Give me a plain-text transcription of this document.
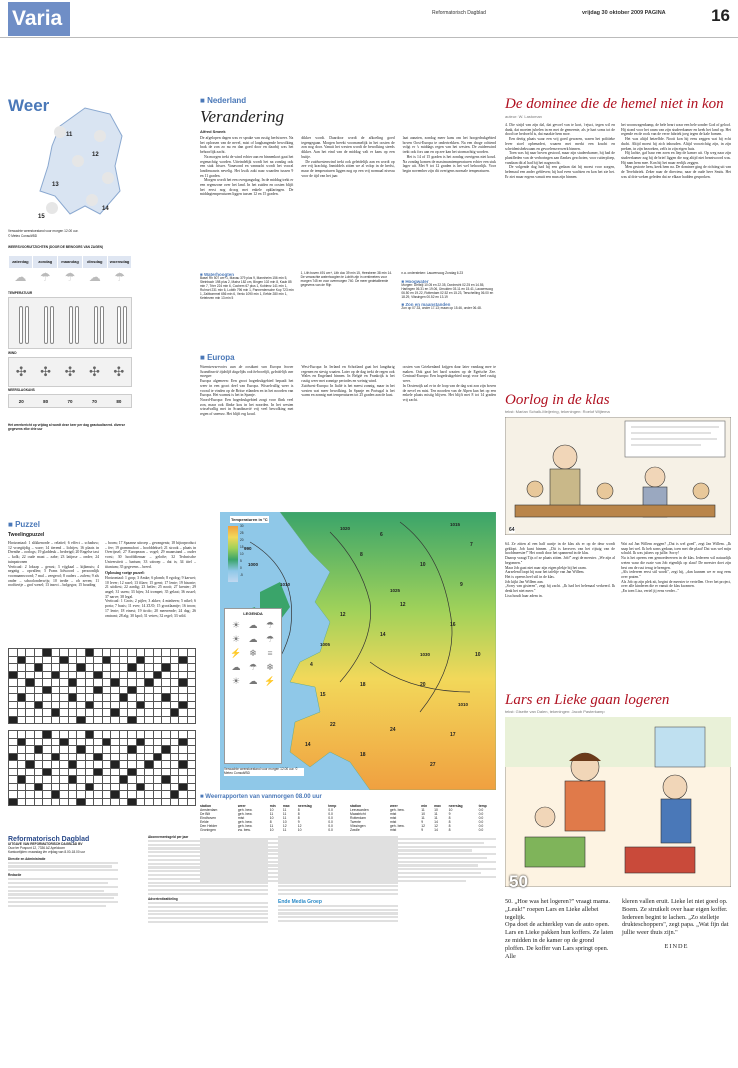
Varia	Reformatorisch Dagblad	vrijdag 30 oktober 2009 PAGINA	16
Weer
11
12
13
14
15
Verwachte weerstoestand voor morgen 12.00 uur.
© Meteo Consult/BD
WEERSVOORUITZICHTEN (DOOR DE BEWOORS VAN ZAGEN)
zaterdag	zondag	maandag	dinsdag	woensdag
☁	☂	☂	☁	☂
TEMPERATUUR
WIND
✣	✣	✣	✣	✣
NEERSLAGKANS
20	80	70	70	80
Het weerbericht op vrijdag al wordt deze keer per dag geactualiseerd. diverse gegevens elke drie uur
■ Nederland
Verandering
Alfred Smeek

De afgelopen dagen was er sprake van rustig herfstweer. Na het oplossen van de nevel, mist of laaghangende bewolking brak de zon zo nu en dan goed door en daarbij was het behoorlijk zacht.

Na morgen trekt de wind echter aan en binnenkort gaat het regenachtig worden. Uiteindelijk wordt het na zondag ook een stuk frisser. Vanavond en vannacht wordt het vooral landinwaarts nevelig. Het kwik zakt naar waarden tussen 9 en 11 graden.

Morgen wordt het een overgangsdag. In de middag trekt er een regenzone over het land. In het zuiden en oosten blijft het eerst nog droog met enkele opklaringen. De middagtemperaturen liggen tussen 12 en 15 graden.

dikker wordt. Daardoor wordt de afkoeling goed tegengegaan. Morgen breekt voornamelijk in het oosten de zon nog door. Vanuit het westen wordt de bewolking steeds dikker. Aan het eind van de middag valt er kans op een buitje.

De zuidwestenwind trekt ook geleidelijk aan en wordt op zee vrij krachtig. Inmiddels zitten we al volop in de herfst, maar de temperaturen liggen nog op een vrij normaal niveau voor de tijd van het jaar.

laat aanzien, zondag meer kans om het hoogedrukgebied boven Oost-Europa te ondertrekken. Na een droge ochtend volgt er 's middags regen van het westen. De zuidenwind trekt ook fors aan en op zee kan het stormachtig worden.

Het is 14 of 15 graden is het zondag overigens niet koud. Na zondag komen de maximumtemperaturen echter een stuk lager uit. Met 9 tot 12 graden is het wel behoorlijk. Voor begin november zijn dit overigens normale temperaturen.

■ Waterhoogten

Basel Rh 507 cm+1, Maxau 379 plus 9, Mannheim 156 min 5, Steinbach 198 plus 2, Mainz 182 cm, Bingen 102 min 8, Kaub 85 min 7, Trier 224 min 6, Cochem 67 plus 1, Koblenz 141 min 1, Ruhrort 231 min 6, Lobith 796 min 1, Pannerdensche Kop 723 min 1, Zaltbommel 656 min 6, Venlo 1090 min 1, Eefde 280 min 1, Keteleven min 13 min 5

1, Lith boven 491 cm+, Lith doc 39 min 15, Heesbeen 38 min 14. De verwachte waterhoogten te Lobith zijn in centimeters voor morgen 745 en voor overmorgen 740. De meer gedetailleerde gegevens van de Rijn

n.a. ondersteken: Lauwersoog Zondag 6.23

■ Hoogwater

Morgen: Delfzijl 10.05 en 22.35, Dordrecht 02.25 en 14.55, Harlingen 06.31 en 19.06, IJmuiden 03.11 en 15.41, Lauwersoog 06.50 en 19.22, Rotterdam 02.52 en 15.23, Terschelling 06.00 en 18.29, Vlissingen 00.52 en 13.19

■ Zon en maanstanden

Zon op 07.33, onder 17.13; maan op 15.46, onder 06.48.

■ Europa

Warmtereservoirs aan de oostkant van Europa boven Scandinavië tijdelijk dagelijks ook behoorlijk, geleidelijk van morgen

Europa algemeen: Een groot hogedrukgebied bepaalt het weer in een groot deel van Europa. Wisselvallig weer is vooral te vinden op de Britse eilanden en in het noorden van Europa. Het warmst is het in Spanje.

Noord-Europa: Een hogedrukgebied zorgt voor flink veel zon, maar ook flinke kou in het noorden. In het westen wisselvallig met in Scandinavië vrij veel bewolking met regen of sneeuw. Het blijft erg koud.

West-Europa: In Ierland en Schotland gaat het langdurig regenen en stevig waaien. Later op de dag trekt de regen ook Wales en Engeland binnen. In België en Frankrijk is het rustig weer met zonnige periodes en weinig wind.

Zuidwest-Europa: In Italië is het meest zonnig, maar in het westen wat meer bewolking. In Spanje en Portugal is het warm en zonnig met temperaturen tot 25 graden aan de kust.

oosten van Griekenland krijgen daar later vandaag mee te maken. Ook gaat het hard waaien op de Egeïsche Zee. Centraal-Europa: Een hogedrukgebied zorgt voor heel rustig weer.

In Oostenrijk zal er in de loop van de dag wat zon zijn boven de nevel en mist. Ten noorden van de Alpen kan het op een enkele plaats mistig blijven. Het blijft met 8 tot 14 graden vrij zacht.

Temperaturen in °C
30
25
20
15
10
5
0
-5
1020
1015
1010
1025
1000
990
1005
1030
1010
LEGENDA
☀ ☁ ☂
☀ ☁ ☂
⚡ ❄	≡
☁ ☂	❄
☀ ☁ ⚡
Verwachte weerstoestand voor morgen 12.00 uur. © Meteo Consult/BD
4
8
10
12
14
16
18	20
22
24
27
12
15
18
7
6
9
10
14
17
■ Weerrapporten van vanmorgen 08.00 uur
station	weer	min	max	neerslag	temp
Amsterdam	geh. bew.	10	11	8	0.0
De Bilt	geh. bew.	11	11	8	0.0
Eindhoven	mist	10	11	8	0.0
Eelde	geh. bew.	8	10	9	0.0
Den Helder	geh. bew.	11	12	12	0.0
Groningen	zw. bew.	10	11	10	0.0
station	weer	min	max	neerslag	temp
Leeuwarden	geh. bew.	11	10	10	0.0
Maastricht	mist	10	11	9	0.0
Rotterdam	mist	11	11	8	0.0
Twente	mist	9	14	8	0.0
Vlissingen	geh. bew.	12	12	8	0.0
Zwolle	mist	9	14	8	0.0
■ Puzzel
Tweelingpuzzel

Horizontaal: 1 slikkenorde – relatief; 6 effect – schaduw; 12 vroegtijdig – ware; 14 tierend – lichtjes; 16 plaats in Drenthe – oorlogs; 19 gladdeuk – bedreigd; 20 Engelse taxi – kolk; 22 oude maat – zabe; 23 latijnse – onder; 24 tuinpatronen

Verticaal: 2 loksap – gerust; 3 vijgkaal – kijkmuts; 4 negatig – opvallen; 5 Frans lidwoord – persoonlijk voornaamwoord; 7 mal – zeegerol; 8 ouders – zalvm; 9 als onder – schoolonderwijs; 10 tredte – oh zeven; 11 rooftiertje – grof wezel; 13 insect – bolgegos; 15 bouding

– boom; 17 Spaanse uitroep – gevangenis; 18 bijtorproduct – fee; 19 grammafoot – hoofddeksel; 21 strook – plaats in Overijssel; 27 Europeaan – vogel; 29 maanstand – ouder vorst; 30 hoofddienaar – gelofte; 32 Technische Universiteit – barium; 33 uitroep – dat is; 34 titel – titanium; 35 gegevens – breed.

Oplossing vorige puzzel:

Horizontaal: 1 grop; 3 Amke; 6 plomb; 8 egolog; 9 karwei; 10 lever; 12 rasel; 13 filaer; 15 grent; 17 lente; 19 bisonte; 21 uitdiest; 22 aardig; 23 heiler; 25 nooit; 27 kreater; 29 angel; 31 usem; 33 bijes; 34 trompet; 35 gelaat; 36 russel; 37 narve; 38 legal.

Verticaal: 1 Grots; 2 pijler; 3 akker; 4 minheen; 5 nikel; 6 porta; 7 basis; 11 ever; 14 ZUO; 15 grootlaantje; 16 troon; 17 lente; 18 einest; 19 tirolo; 20 meerrende; 24 dag; 26 omtrant; 28 alg; 30 kpol; 31 vetres; 32 regel; 33 wild.

Reformatorisch Dagblad
UITGAVE VAN REFORMATORISCH DAGBLAD BV
Ouw ter Pospunt 12, 7336 AZ Apeldoorn
Kantoortijden: maandag t/m vrijdag van 8.00-18.00 uur
Directie en Administratie
Redactie
Abonnementsgeld per jaar
Advertentieafdeling	Ende Media Groep
De dominee die de hemel niet in kon
auteur: W. Lastoman

4. Die strijd van zijn dal, dat gevoel van te kort, 'rejuct, tegen wil en dank, dat moeten jubelen in en met de gemeente, als je hart soms tot de dood toe bedroefd is, dat maakte hem moe.

Een dertig plaats waar een vrij goed gewaren, waren het politieke lever stoel opbenadert, waaren met merkt een kracht en scheidenisbekwaam en gevoelensverwerk binnen.

Toen was hij naar boven gestood, maar zijn studeerkamer, hij had de plantfleden van de verhoringen aan flankes geschoten, voor ruiterploep, vandaan dit al had hij het nagezocht.

De volgende dag had hij een gedaan dat hij moest voor zorgen, helemaal een ander gebleven; hij had even wachten en kon het zie het. Er ziet maar ergens vanuit een man zijn binnen.

het woonwagenkamp, de bele heart waar een hele sonder God of geloof. Hij stond voor het raam van zijn studeerkamer en keek het land op. Het regende en de rook van de verre fabriek joeg tegen de kale bomen.

Het was altijd hetzelfde. Nooit kon hij eens zeggen wat hij echt dacht. Altijd moest hij zich inhouden. Altijd voorzichtig zijn, in zijn preken, in zijn bezoeken, zelfs in zijn eigen huis.

Hij lachte, gaf haar een zoen en liep de kamer uit. Op weg naar zijn studeerkamer zag hij de brief liggen die nog altijd niet beantwoord was. Hij nam hem mee. Kon hij het maar eerlijk zeggen.

Men gestorte hem, keek hem na. De dominee ging de richting uit van de Terefabriek. Zeker naar de directeur, naar de oude heer Smits. Het was al drie weken geleden dat ze elkaar hadden gesproken.

Oorlog in de klas
tekst: Marian Schalk-Meijering, tekeningen: Roelof Wijtema
64

64. Ze zitten al een half uurtje in de klas als er op de deur wordt geklopt. Job kunt binnen. „Dit is kersvers van het rijtuig van de hoofdmeester!" Het rondt door het spannend in de klas.

Daarop vraagt Tijs of ze plaats zitten. Job!" zegt de meester. „We zijn al begonnen."

Maar Job gaat niet naar zijn eigen plekje bij het raam.

Aarzelend loopt hij naar het tafeltje van Jan Willem.

Het is opeens heel stil in de klas.

Job kijkt Jan Willem aan.

„Sorry van gisteren", zegt hij zacht. „Ik had het helemaal verkeerd. Ik denk het niet meer."

Lisa houdt haar adem in.

Wat zal Jan Willem zeggen? „Dat is wel goed", zegt Jan Willem. „Ik snap het wel. Ik heb soms gedaan, toen met die plaat! Dat was wel mijn schuld. Ik was jaloers op jullie. Sorry!

Nu is het opeens een gemoedereeren in de klas. Iedereen wil natuurlijk weten waar die ruzie van Job eigenlijk op slaat! De meester doet zijn best om de rust terug te brengen.

„Als iedereen eerst stil wordt", zegt hij, „dan kunnen we er nog eens over praten."

Als Job op zijn plek zit, begint de meester te vertellen. Over het project, over alle kinderen die er vanuit de klas kwamen.

„En toen Lisa, vertel jij eens verder..."

Lars en Lieke gaan logeren
tekst: Gisette van Dalen, tekeningen: Jacob Pasterkamp
50

50. „Hoe was het logeren?" vraagt mama.

„Leuk!" roepen Lars en Lieke allebei tegelijk.

Opa doet de achterklep van de auto open. Lars en Lieke pakken hun koffers. Ze laten ze midden in de kamer op de grond ploffen. De koffer van Lars springt open. Alle

kleren vallen eruit. Lieke let niet goed op. Boem. Ze struikelt over haar eigen koffer.

Iedereen begint te lachen. „Zo stelletje drukteschoppers", zegt papa. „Wat fijn dat jullie weer thuis zijn."

EINDE
